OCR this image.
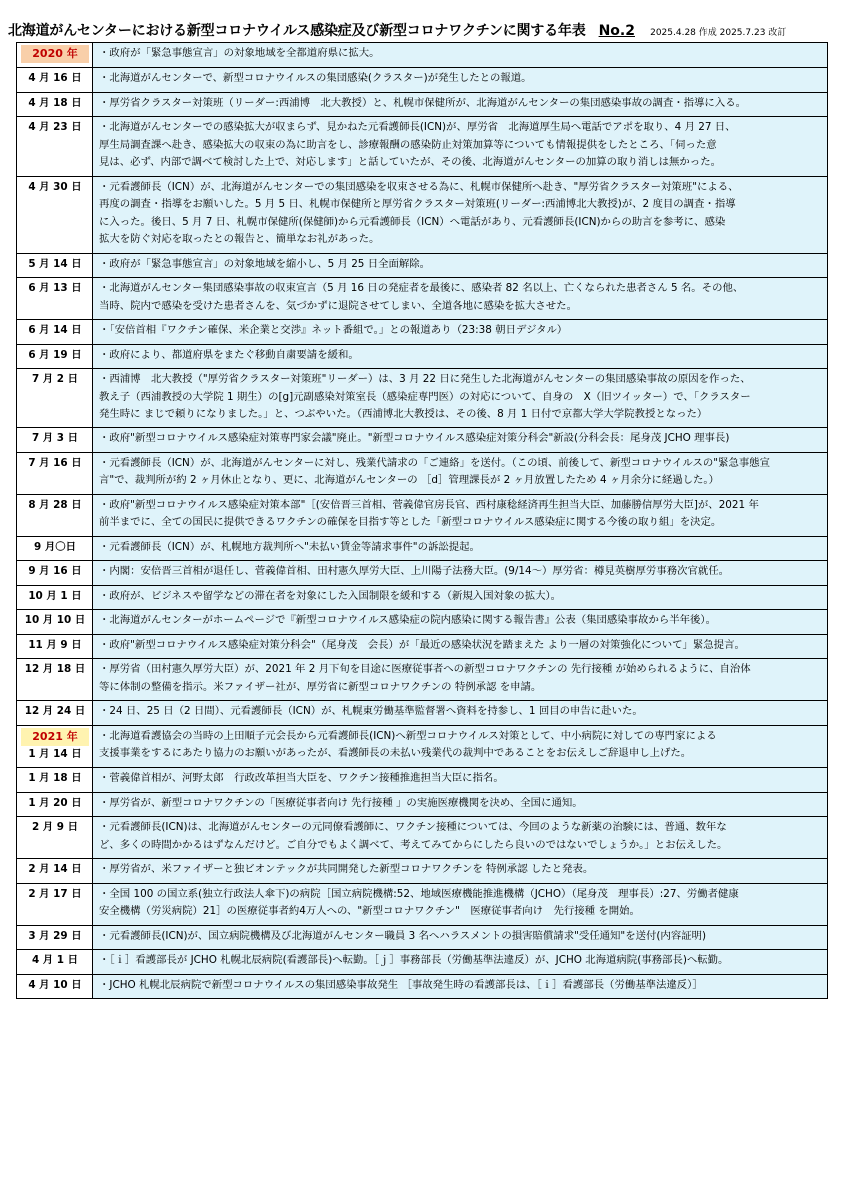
北海道がんセンターにおける新型コロナウイルス感染症及び新型コロナワクチンに関する年表 No.2 2025.4.28 作成 2025.7.23 改訂
2020 年	・政府が「緊急事態宣言」の対象地域を全都道府県に拡大。

4 月 16 日	・北海道がんセンターで、新型コロナウイルスの集団感染(クラスター)が発生したとの報道。

4 月 18 日	・厚労省クラスター対策班（リーダー:西浦博　北大教授）と、札幌市保健所が、北海道がんセンターの集団感染事故の調査・指導に入る。

4 月 23 日	・北海道がんセンターでの感染拡大が収まらず、見かねた元看護師長(ICN)が、厚労省　北海道厚生局へ電話でアポを取り、4 月 27 日、
厚生局調査課へ赴き、感染拡大の収束の為に助言をし、診療報酬の感染防止対策加算等についても情報提供をしたところ、「伺った意
見は、必ず、内部で調べて検討した上で、対応します」と話していたが、その後、北海道がんセンターの加算の取り消しは無かった。

4 月 30 日	・元看護師長（ICN）が、北海道がんセンターでの集団感染を収束させる為に、札幌市保健所へ赴き、"厚労省クラスター対策班"による、
再度の調査・指導をお願いした。5 月 5 日、札幌市保健所と厚労省クラスター対策班(リーダー:西浦博北大教授)が、2 度目の調査・指導
に入った。後日、5 月 7 日、札幌市保健所(保健師)から元看護師長（ICN）へ電話があり、元看護師長(ICN)からの助言を参考に、感染
拡大を防ぐ対応を取ったとの報告と、簡単なお礼があった。

5 月 14 日	・政府が「緊急事態宣言」の対象地域を縮小し、5 月 25 日全面解除。

6 月 13 日	・北海道がんセンター集団感染事故の収束宣言（5 月 16 日の発症者を最後に、感染者 82 名以上、亡くなられた患者さん 5 名。その他、
当時、院内で感染を受けた患者さんを、気づかずに退院させてしまい、全道各地に感染を拡大させた。

6 月 14 日	・「安倍首相『ワクチン確保、米企業と交渉』ネット番組で。」との報道あり（23:38 朝日デジタル）

6 月 19 日	・政府により、都道府県をまたぐ移動自粛要請を緩和。

7 月 2 日	・西浦博　北大教授（"厚労省クラスター対策班"リーダー）は、3 月 22 日に発生した北海道がんセンターの集団感染事故の原因を作った、
教え子（西浦教授の大学院 1 期生）の[g]元副感染対策室長（感染症専門医）の対応について、自身の　X（旧ツイッター）で、「クラスター
発生時に まじで頼りになりました。」と、つぶやいた。（西浦博北大教授は、その後、8 月 1 日付で京都大学大学院教授となった）

7 月 3 日	・政府"新型コロナウイルス感染症対策専門家会議"廃止。"新型コロナウイルス感染症対策分科会"新設(分科会長：尾身茂 JCHO 理事長)

7 月 16 日	・元看護師長（ICN）が、北海道がんセンターに対し、残業代請求の「ご連絡」を送付。（この頃、前後して、新型コロナウイルスの"緊急事態宣
言"で、裁判所が約 2 ヶ月休止となり、更に、北海道がんセンターの ［d］管理課長が 2 ヶ月放置したため 4 ヶ月余分に経過した。）

8 月 28 日	・政府"新型コロナウイルス感染症対策本部"［(安倍晋三首相、菅義偉官房長官、西村康稔経済再生担当大臣、加藤勝信厚労大臣]が、2021 年
前半までに、全ての国民に提供できるワクチンの確保を目指す等とした「新型コロナウイルス感染症に関する今後の取り組」を決定。

9 月〇日	・元看護師長（ICN）が、札幌地方裁判所へ"未払い賃金等請求事件"の訴訟提起。

9 月 16 日	・内閣：安倍晋三首相が退任し、菅義偉首相、田村憲久厚労大臣、上川陽子法務大臣。(9/14～）厚労省：樽見英樹厚労事務次官就任。

10 月 1 日	・政府が、ビジネスや留学などの滞在者を対象にした入国制限を緩和する（新規入国対象の拡大）。

10 月 10 日	・北海道がんセンターがホームページで『新型コロナウイルス感染症の院内感染に関する報告書』公表（集団感染事故から半年後）。

11 月 9 日	・政府"新型コロナウイルス感染症対策分科会"（尾身茂　会長）が「最近の感染状況を踏まえた より一層の対策強化について」緊急提言。

12 月 18 日	・厚労省（田村憲久厚労大臣）が、2021 年 2 月下旬を目途に医療従事者への新型コロナワクチンの 先行接種 が始められるように、自治体
等に体制の整備を指示。米ファイザー社が、厚労省に新型コロナワクチンの 特例承認 を申請。

12 月 24 日	・24 日、25 日（2 日間）、元看護師長（ICN）が、札幌東労働基準監督署へ資料を持参し、1 回目の申告に赴いた。

2021 年
1 月 14 日	・北海道看護協会の当時の上田順子元会長から元看護師長(ICN)へ新型コロナウイルス対策として、中小病院に対しての専門家による
支援事業をするにあたり協力のお願いがあったが、看護師長の未払い残業代の裁判中であることをお伝えしご辞退申し上げた。

1 月 18 日	・菅義偉首相が、河野太郎　行政改革担当大臣を、ワクチン接種推進担当大臣に指名。

1 月 20 日	・厚労省が、新型コロナワクチンの「医療従事者向け 先行接種 」の実施医療機関を決め、全国に通知。

2 月 9 日	・元看護師長(ICN)は、北海道がんセンターの元同僚看護師に、ワクチン接種については、今回のような新薬の治験には、普通、数年な
ど、多くの時間かかるはずなんだけど。ご自分でもよく調べて、考えてみてからにしたら良いのではないでしょうか。」とお伝えした。

2 月 14 日	・厚労省が、米ファイザーと独ビオンテックが共同開発した新型コロナワクチンを 特例承認 したと発表。

2 月 17 日	・全国 100 の国立系(独立行政法人傘下)の病院［国立病院機構:52、地域医療機能推進機構（JCHO）（尾身茂　理事長）:27、労働者健康
安全機構（労災病院）21］の医療従事者約4万人への、"新型コロナワクチン"　医療従事者向け　先行接種 を開始。

3 月 29 日	・元看護師長(ICN)が、国立病院機構及び北海道がんセンター職員 3 名へハラスメントの損害賠償請求"受任通知"を送付(内容証明)

4 月 1 日	・［ｉ］看護部長が JCHO 札幌北辰病院(看護部長)へ転勤。［ｊ］事務部長（労働基準法違反）が、JCHO 北海道病院(事務部長)へ転勤。

4 月 10 日	・JCHO 札幌北辰病院で新型コロナウイルスの集団感染事故発生 ［事故発生時の看護部長は、［ｉ］看護部長（労働基準法違反）］
